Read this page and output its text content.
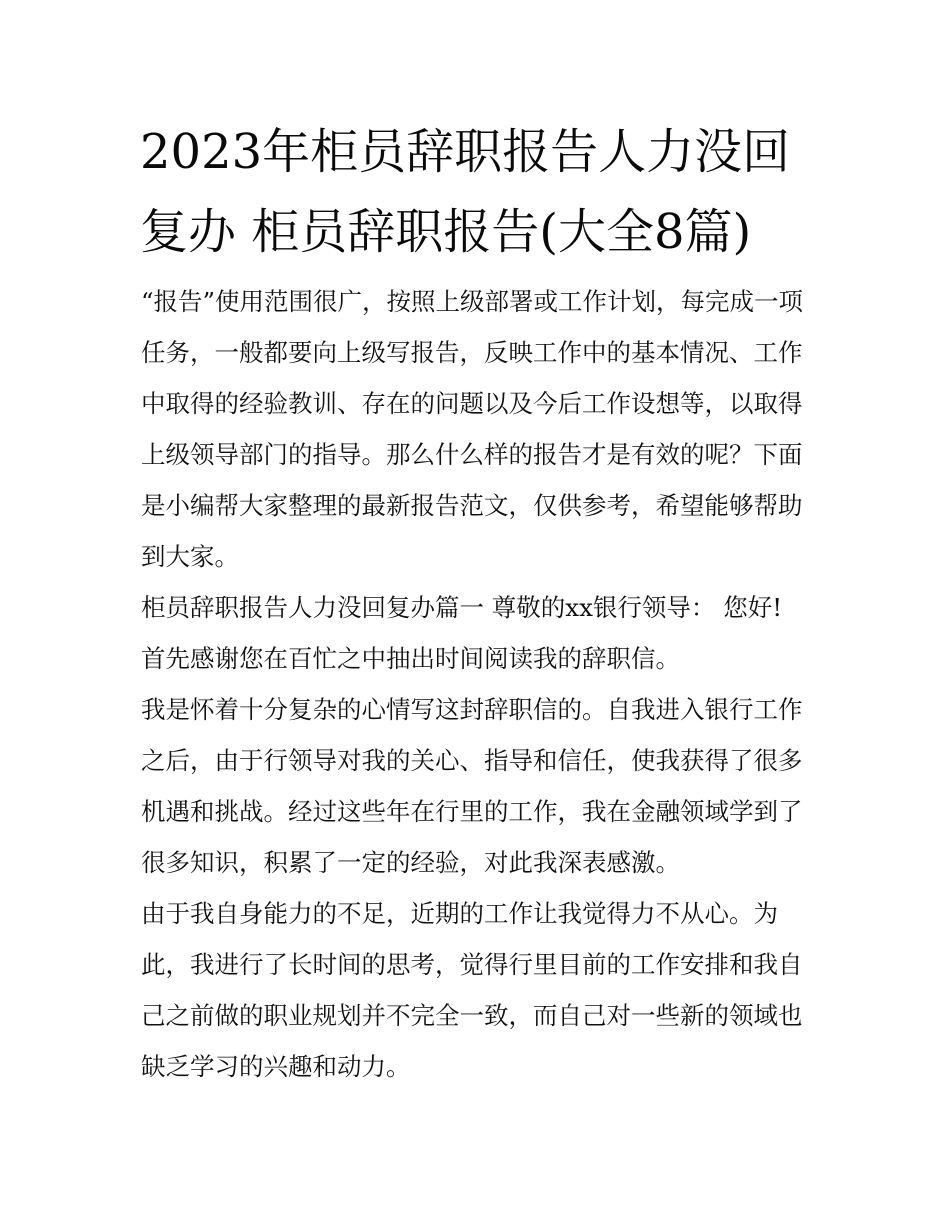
2023年柜员辞职报告人力没回
复办 柜员辞职报告(大全8篇)

“报告”使用范围很广，按照上级部署或工作计划，每完成一项
任务，一般都要向上级写报告，反映工作中的基本情况、工作
中取得的经验教训、存在的问题以及今后工作设想等，以取得
上级领导部门的指导。那么什么样的报告才是有效的呢？下面
是小编帮大家整理的最新报告范文，仅供参考，希望能够帮助
到大家。

柜员辞职报告人力没回复办篇一 尊敬的xx银行领导： 您好!

首先感谢您在百忙之中抽出时间阅读我的辞职信。

我是怀着十分复杂的心情写这封辞职信的。自我进入银行工作
之后，由于行领导对我的关心、指导和信任，使我获得了很多
机遇和挑战。经过这些年在行里的工作，我在金融领域学到了
很多知识，积累了一定的经验，对此我深表感激。

由于我自身能力的不足，近期的工作让我觉得力不从心。为
此，我进行了长时间的思考，觉得行里目前的工作安排和我自
己之前做的职业规划并不完全一致，而自己对一些新的领域也
缺乏学习的兴趣和动力。
